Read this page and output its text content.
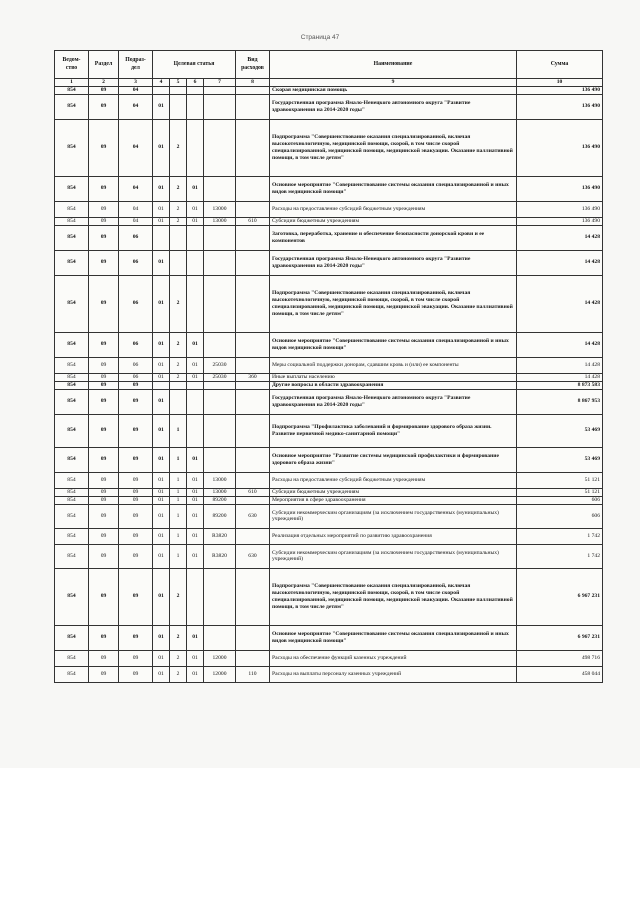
Страница 47
Ведом-ство	Раздел	Подраз-дел	Целевая статья				Вид расходов	Наименование	Сумма
1	2	3	4	5	6	7	8	9	10
854	09	04						Скорая медицинская помощь	136 490
854	09	04	01					Государственная программа Ямало-Ненецкого автономного округа "Развитие здравоохранения на 2014-2020 годы"	136 490
854	09	04	01	2				Подпрограмма "Совершенствование оказания специализированной, включая высокотехнологичную, медицинской помощи, скорой, в том числе скорой специализированной, медицинской помощи, медицинской эвакуации. Оказание паллиативной помощи, в том числе детям"	136 490
854	09	04	01	2	01			Основное мероприятие "Совершенствование системы оказания специализированной и иных видов медицинской помощи"	136 490
854	09	04	01	2	01	13000		Расходы на предоставление субсидий бюджетным учреждениям	136 490
854	09	04	01	2	01	13000	610	Субсидии бюджетным учреждениям	136 490
854	09	06						Заготовка, переработка, хранение и обеспечение безопасности донорской крови и ее компонентов	14 428
854	09	06	01					Государственная программа Ямало-Ненецкого автономного округа "Развитие здравоохранения на 2014-2020 годы"	14 428
854	09	06	01	2				Подпрограмма "Совершенствование оказания специализированной, включая высокотехнологичную, медицинской помощи, скорой, в том числе скорой специализированной, медицинской помощи, медицинской эвакуации. Оказание паллиативной помощи, в том числе детям"	14 428
854	09	06	01	2	01			Основное мероприятие "Совершенствование системы оказания специализированной и иных видов медицинской помощи"	14 428
854	09	06	01	2	01	25030		Меры социальной поддержки донорам, сдавшим кровь и (или) ее компоненты	14 428
854	09	06	01	2	01	25030	360	Иные выплаты населению	14 428
854	09	09						Другие вопросы в области здравоохранения	8 873 583
854	09	09	01					Государственная программа Ямало-Ненецкого автономного округа "Развитие здравоохранения на 2014-2020 годы"	8 867 953
854	09	09	01	1				Подпрограмма "Профилактика заболеваний и формирование здорового образа жизни. Развитие первичной медико-санитарной помощи"	53 469
854	09	09	01	1	01			Основное мероприятие "Развитие системы медицинской профилактики и формирование здорового образа жизни"	53 469
854	09	09	01	1	01	13000		Расходы на предоставление субсидий бюджетным учреждениям	51 121
854	09	09	01	1	01	13000	610	Субсидии бюджетным учреждениям	51 121
854	09	09	01	1	01	89200		Мероприятия в сфере здравоохранения	606
854	09	09	01	1	01	89200	630	Субсидии некоммерческим организациям (за исключением государственных (муниципальных) учреждений)	606
854	09	09	01	1	01	R3820		Реализация отдельных мероприятий по развитию здравоохранения	1 742
854	09	09	01	1	01	R3820	630	Субсидии некоммерческим организациям (за исключением государственных (муниципальных) учреждений)	1 742
854	09	09	01	2				Подпрограмма "Совершенствование оказания специализированной, включая высокотехнологичную, медицинской помощи, скорой, в том числе скорой специализированной, медицинской помощи, медицинской эвакуации. Оказание паллиативной помощи, в том числе детям"	6 967 231
854	09	09	01	2	01			Основное мероприятие "Совершенствование системы оказания специализированной и иных видов медицинской помощи"	6 967 231
854	09	09	01	2	01	12000		Расходы на обеспечение функций казенных учреждений	498 716
854	09	09	01	2	01	12000	110	Расходы на выплаты персоналу казенных учреждений	458 044
